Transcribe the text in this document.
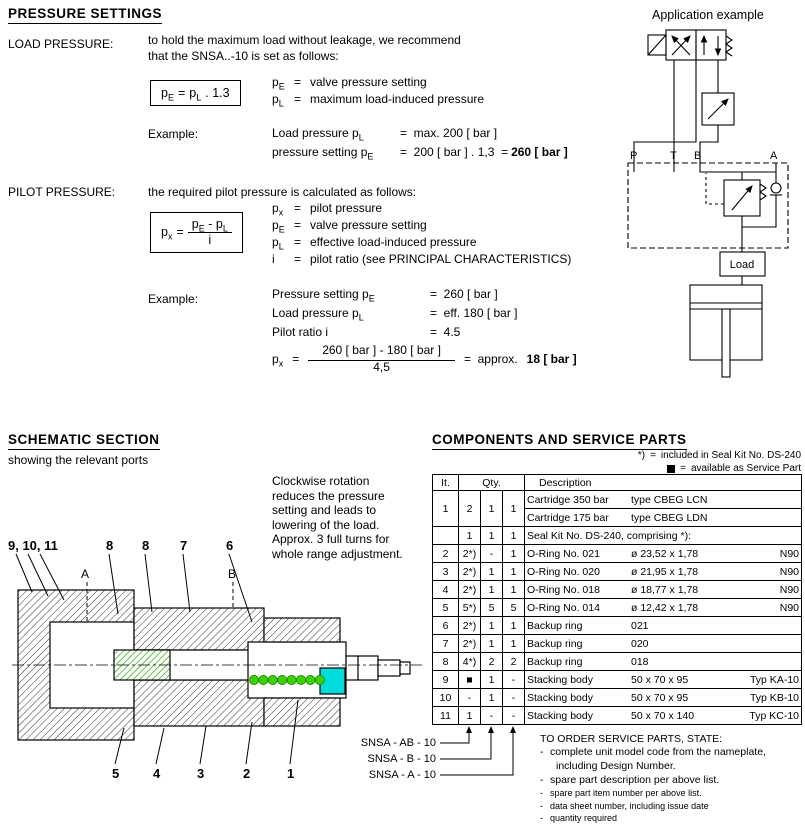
PRESSURE SETTINGS	Application example
LOAD PRESSURE:	to hold the maximum load without leakage, we recommend
that the SNSA..-10 is set as follows:
$p_E = p_L$ . 1.3
$p_E$ = valve pressure setting
$p_L$ = maximum load-induced pressure
Example:	Load pressure $p_L$	=  max. 200 [ bar ]
pressure setting $p_E = 200$ [ bar ] . 1,3  = 260 [ bar ]
PILOT PRESSURE:	the required pilot pressure is calculated as follows:
$p_x = \frac{p_E - p_L}{i}$
$p_x$ = pilot pressure
$p_E$ = valve pressure setting
$p_L$ = effective load-induced pressure
i	= pilot ratio (see PRINCIPAL CHARACTERISTICS)
Example:	Pressure setting $p_E$	=  260 [ bar ]
Load pressure $p_L$	=  eff. 180 [ bar ]
Pilot ratio i	=  4.5
$p_x = \frac{\text{260 [ bar ] - 180 [ bar ]}}{4,5}$ =  approx. 18 [ bar ]
P	T B	A
Load
SCHEMATIC SECTION
showing the relevant ports
Clockwise rotation
reduces the pressure
setting and leads to
lowering of the load.
Approx. 3 full turns for
whole range adjustment.
9, 10, 11	8 8 7	6
A	B
5	4	3	2	1
COMPONENTS AND SERVICE PARTS
*) = included in Seal Kit No. DS-240
= available as Service Part
It.	Qty.			Description
1	2	1	1	Cartridge 350 bar type CBEG LCN

				Cartridge 175 bar type CBEG LDN

	1	1	1	Seal Kit No. DS-240, comprising *):

2	2*)	-	1	O-Ring No. 021 ø 23,52 x 1,78 N90

3	2*)	1	1	O-Ring No. 020 ø 21,95 x 1,78 N90

4	2*)	1	1	O-Ring No. 018 ø 18,77 x 1,78 N90

5	5*)	5	5	O-Ring No. 014 ø 12,42 x 1,78 N90

6	2*)	1	1	Backup ring 021

7	2*)	1	1	Backup ring 020

8	4*)	2	2	Backup ring 018

9	■	1	-	Stacking body 50 x 70 x 95 Typ KA-10

10	-	1	-	Stacking body 50 x 70 x 95 Typ KB-10

11	1	-	-	Stacking body 50 x 70 x 140 Typ KC-10
SNSA - AB - 10
SNSA - B - 10
SNSA - A - 10
TO ORDER SERVICE PARTS, STATE:
- complete unit model code from the nameplate,
including Design Number.
- spare part description per above list.
- spare part item number per above list.
- data sheet number, including issue date
- quantity required
